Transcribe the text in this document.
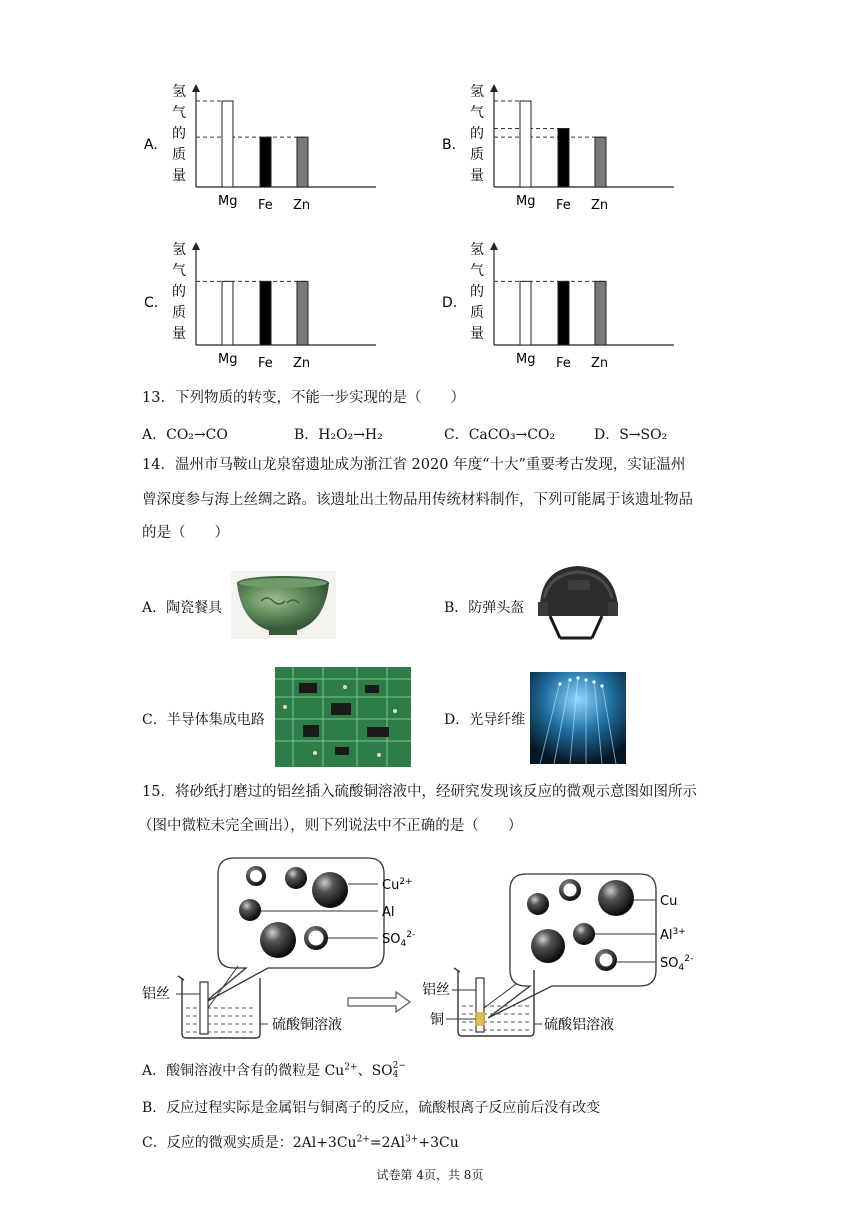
A.
氢
气
的
质
量
Mg Fe Zn
B.
氢
气
的
质
量
Mg Fe Zn
C.
氢
气
的
质
量
Mg Fe Zn
D.
氢
气
的
质
量
Mg Fe Zn
13．下列物质的转变，不能一步实现的是（　　）
A．CO₂→CO	B．H₂O₂→H₂	C．CaCO₃→CO₂	D．S→SO₂
14．温州市马鞍山龙泉窑遗址成为浙江省 2020 年度“十大”重要考古发现，实证温州
曾深度参与海上丝绸之路。该遗址出土物品用传统材料制作，下列可能属于该遗址物品
的是（　　）
A．陶瓷餐具	B．防弹头盔
C．半导体集成电路	D．光导纤维
15．将砂纸打磨过的铝丝插入硫酸铜溶液中，经研究发现该反应的微观示意图如图所示
（图中微粒未完全画出），则下列说法中不正确的是（　　）
$Cu^{2+}$
Al
$SO_4^{2-}$
铝丝
硫酸铜溶液
Cu
$Al^{3+}$
$SO_4^{2-}$
铝丝
铜	硫酸铝溶液
A．酸铜溶液中含有的微粒是 $Cu^{2+}$、SO 2−
4
B．反应过程实际是金属铝与铜离子的反应，硫酸根离子反应前后没有改变
C．反应的微观实质是：$2Al+3Cu^{2+}=2Al^{3+}+3Cu$
试卷第 4页，共 8页
